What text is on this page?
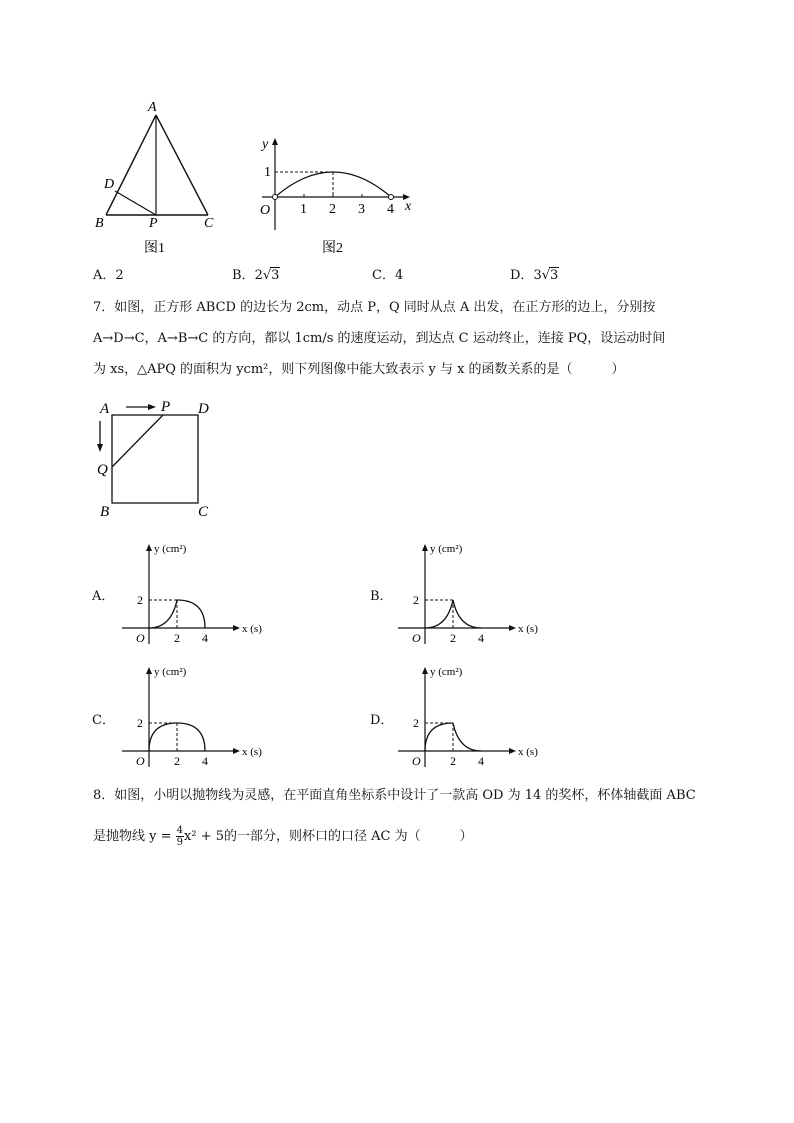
A
D
B	P	C
图1
y
x
1
O 1 2 3 4
图2
A．2	B．2√3	C．4	D．3√3
7．如图，正方形 ABCD 的边长为 2cm，动点 P，Q 同时从点 A 出发，在正方形的边上，分别按
A→D→C，A→B→C 的方向，都以 1cm/s 的速度运动，到达点 C 运动终止，连接 PQ，设运动时间
为 xs，△APQ 的面积为 ycm²，则下列图像中能大致表示 y 与 x 的函数关系的是（　　　）
A	P D
Q
B	C
y (cm²)
2
O 2 4
x (s)
A．
y (cm²)
2
O 2 4
x (s)
B．
y (cm²)
2
O 2 4
x (s)
C．
y (cm²)
2
O 2 4
x (s)
D．
8．如图，小明以抛物线为灵感，在平面直角坐标系中设计了一款高 OD 为 14 的奖杯，杯体轴截面 ABC
是抛物线 $y = \frac{4}{9} x^2 + 5$的一部分，则杯口的口径 AC 为（　　　）
